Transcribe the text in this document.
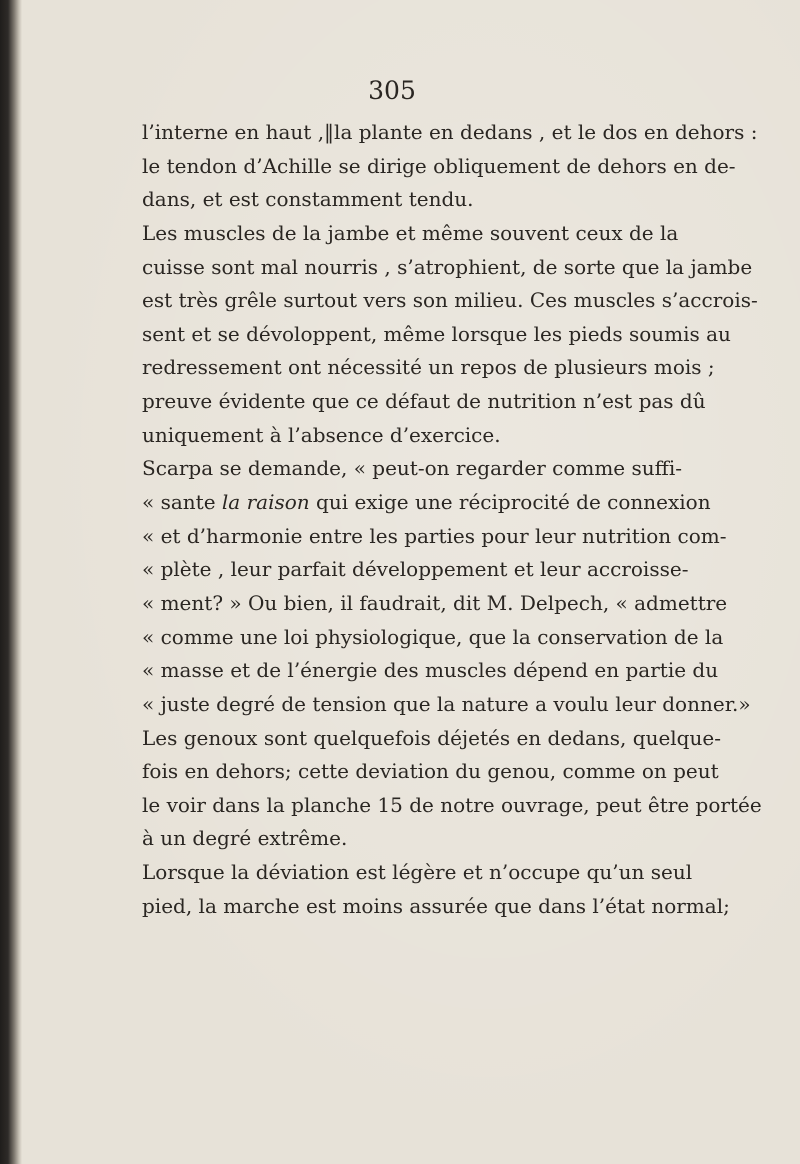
305
l’interne en haut ,‖la plante en dedans , et le dos en dehors :
le tendon d’Achille se dirige obliquement de dehors en de-
dans, et est constamment tendu.
Les muscles de la jambe et même souvent ceux de la
cuisse sont mal nourris , s’atrophient, de sorte que la jambe
est très grêle surtout vers son milieu. Ces muscles s’accrois-
sent et se dévoloppent, même lorsque les pieds soumis au
redressement ont nécessité un repos de plusieurs mois ;
preuve évidente que ce défaut de nutrition n’est pas dû
uniquement à l’absence d’exercice.
Scarpa se demande, « peut-on regarder comme suffi-
« sante la raison qui exige une réciprocité de connexion
« et d’harmonie entre les parties pour leur nutrition com-
« plète , leur parfait développement et leur accroisse-
« ment? » Ou bien, il faudrait, dit M. Delpech, « admettre
« comme une loi physiologique, que la conservation de la
« masse et de l’énergie des muscles dépend en partie du
« juste degré de tension que la nature a voulu leur donner.»
Les genoux sont quelquefois déjetés en dedans, quelque-
fois en dehors; cette deviation du genou, comme on peut
le voir dans la planche 15 de notre ouvrage, peut être portée
à un degré extrême.
Lorsque la déviation est légère et n’occupe qu’un seul
pied, la marche est moins assurée que dans l’état normal;
